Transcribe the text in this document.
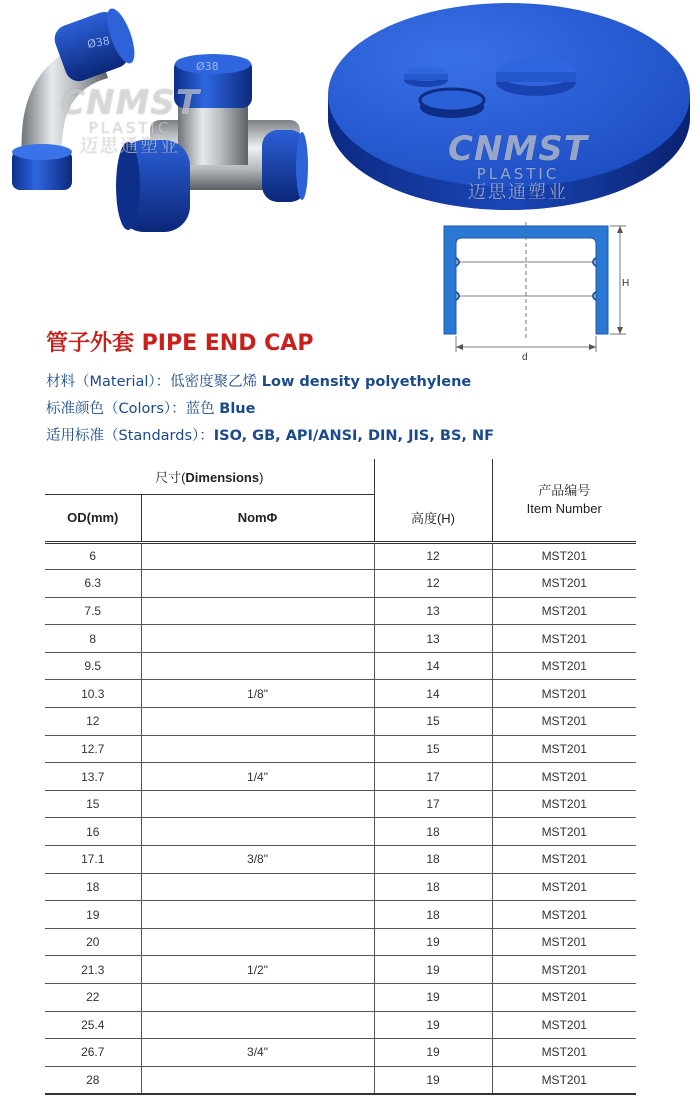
Ø38
Ø38
CNMST
PLASTIC
迈思通塑业	CNMST
PLASTIC
迈思通塑业
H
d
管子外套 PIPE END CAP
材料（Material）：低密度聚乙烯 Low density polyethylene
标准颜色（Colors）：蓝色 Blue
适用标准（Standards）：ISO, GB, API/ANSI, DIN, JIS, BS, NF
尺寸(Dimensions)			产品编号
Item Number

OD(mm)	NomΦ	高度(H)	
6		12	MST201
6.3		12	MST201
7.5		13	MST201
8		13	MST201
9.5		14	MST201
10.3	1/8"	14	MST201
12		15	MST201
12.7		15	MST201
13.7	1/4"	17	MST201
15		17	MST201
16		18	MST201
17.1	3/8"	18	MST201
18		18	MST201
19		18	MST201
20		19	MST201
21.3	1/2"	19	MST201
22		19	MST201
25.4		19	MST201
26.7	3/4"	19	MST201
28		19	MST201
